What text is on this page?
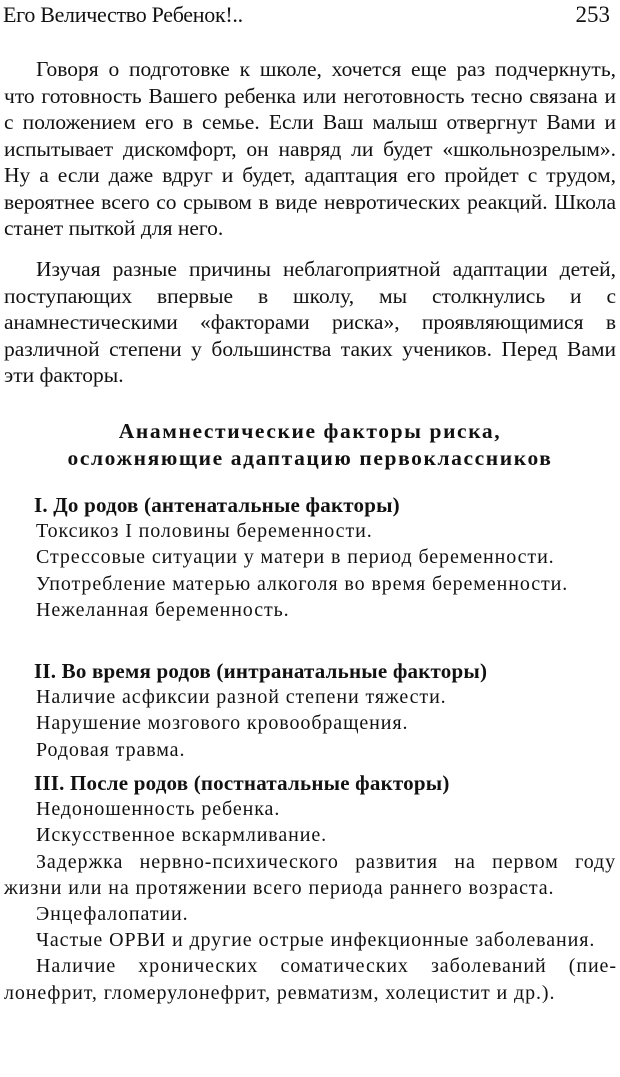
Его Величество Ребенок!..	253

Говоря о подготовке к школе, хочется еще раз подчеркнуть, что готовность Вашего ребенка или неготовность тесно связана и с положением его в семье. Если Ваш малыш отвергнут Вами и испытывает дискомфорт, он навряд ли будет «школьнозрелым». Ну а если даже вдруг и будет, адаптация его пройдет с трудом, вероятнее всего со срывом в виде невротических реакций. Школа станет пыткой для него.

Изучая разные причины неблагоприятной адаптации детей, поступающих впервые в школу, мы столкнулись и с анамнестическими «факторами риска», проявляющимися в различной степени у большинства таких учеников. Перед Вами эти факторы.

Анамнестические факторы риска,
осложняющие адаптацию первоклассников
I. До родов (антенатальные факторы)
Токсикоз I половины беременности.
Стрессовые ситуации у матери в период беременности.
Употребление матерью алкоголя во время беременности.
Нежеланная беременность.
II. Во время родов (интранатальные факторы)
Наличие асфиксии разной степени тяжести.
Нарушение мозгового кровообращения.
Родовая травма.
III. После родов (постнатальные факторы)
Недоношенность ребенка.
Искусственное вскармливание.
Задержка нервно-психического развития на первом году жизни или на протяжении всего периода раннего возраста.
Энцефалопатии.
Частые ОРВИ и другие острые инфекционные заболевания.
Наличие хронических соматических заболеваний (пиелонефрит, гломерулонефрит, ревматизм, холецистит и др.).
